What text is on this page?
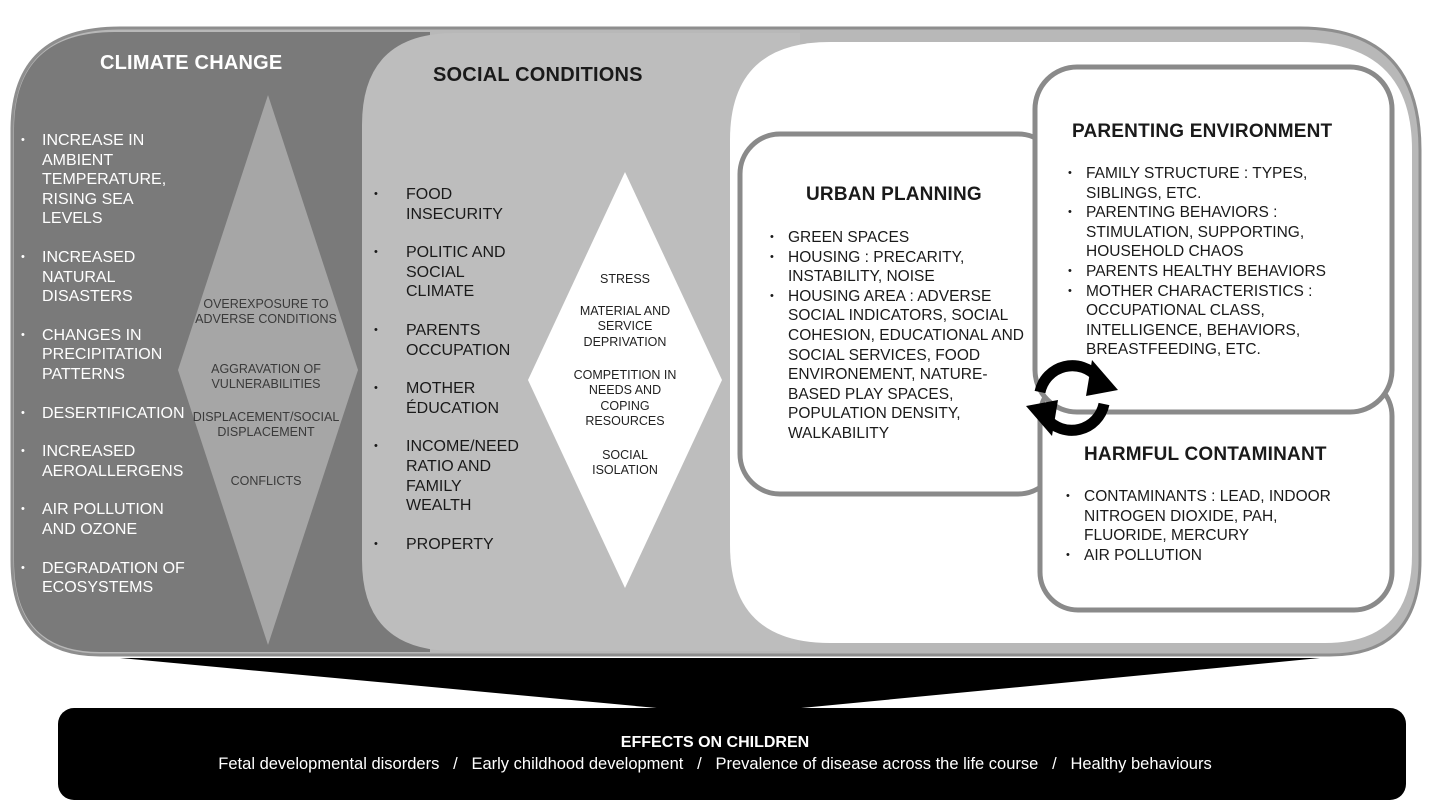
CLIMATE CHANGE
• INCREASE IN AMBIENT TEMPERATURE, RISING SEA LEVELS
• INCREASED NATURAL DISASTERS
• CHANGES IN PRECIPITATION PATTERNS
• DESERTIFICATION
• INCREASED AEROALLERGENS
• AIR POLLUTION AND OZONE
• DEGRADATION OF ECOSYSTEMS
OVEREXPOSURE TO ADVERSE CONDITIONS
AGGRAVATION OF VULNERABILITIES
DISPLACEMENT/SOCIAL DISPLACEMENT
CONFLICTS
SOCIAL CONDITIONS
• FOOD INSECURITY
• POLITIC AND SOCIAL CLIMATE
• PARENTS OCCUPATION
• MOTHER ÉDUCATION
• INCOME/NEED RATIO AND FAMILY WEALTH
• PROPERTY
STRESS
MATERIAL AND SERVICE DEPRIVATION
COMPETITION IN NEEDS AND COPING RESOURCES
SOCIAL ISOLATION
URBAN PLANNING
• GREEN SPACES
• HOUSING : PRECARITY, INSTABILITY, NOISE
• HOUSING AREA : ADVERSE SOCIAL INDICATORS, SOCIAL COHESION, EDUCATIONAL AND SOCIAL SERVICES, FOOD ENVIRONEMENT, NATURE-BASED PLAY SPACES, POPULATION DENSITY, WALKABILITY
PARENTING ENVIRONMENT
• FAMILY STRUCTURE : TYPES, SIBLINGS, ETC.
• PARENTING BEHAVIORS : STIMULATION, SUPPORTING, HOUSEHOLD CHAOS
• PARENTS HEALTHY BEHAVIORS
• MOTHER CHARACTERISTICS : OCCUPATIONAL CLASS, INTELLIGENCE, BEHAVIORS, BREASTFEEDING, ETC.
HARMFUL CONTAMINANT
• CONTAMINANTS : LEAD, INDOOR NITROGEN DIOXIDE, PAH, FLUORIDE, MERCURY
• AIR POLLUTION
EFFECTS ON CHILDREN
Fetal developmental disorders / Early childhood development / Prevalence of disease across the life course / Healthy behaviours
